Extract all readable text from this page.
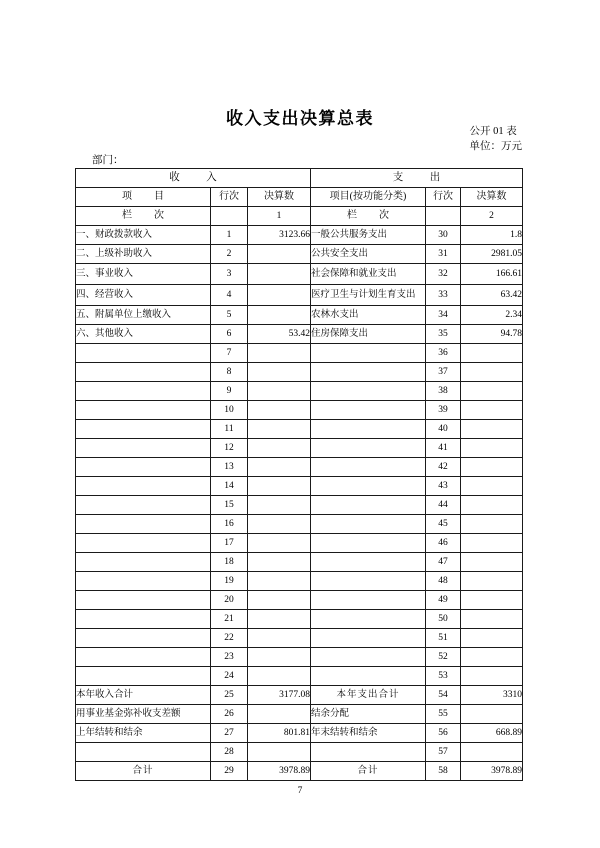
收入支出决算总表
公开 01 表
单位：万元
部门：
收　入			支　出		
项　目	行次	决算数	项目(按功能分类)	行次	决算数
栏　次		1	栏　次		2
一、财政拨款收入	1	3123.66	一般公共服务支出	30	1.8
二、上级补助收入	2		公共安全支出	31	2981.05
三、事业收入	3		社会保障和就业支出	32	166.61
四、经营收入	4		医疗卫生与计划生育支出	33	63.42
五、附属单位上缴收入	5		农林水支出	34	2.34
六、其他收入	6	53.42	住房保障支出	35	94.78
	7			36	
	8			37	
	9			38	
	10			39	
	11			40	
	12			41	
	13			42	
	14			43	
	15			44	
	16			45	
	17			46	
	18			47	
	19			48	
	20			49	
	21			50	
	22			51	
	23			52	
	24			53	
本年收入合计	25	3177.08	本年支出合计	54	3310
用事业基金弥补收支差额	26		结余分配	55	
上年结转和结余	27	801.81	年末结转和结余	56	668.89
	28			57	
合计	29	3978.89	合计	58	3978.89
7
